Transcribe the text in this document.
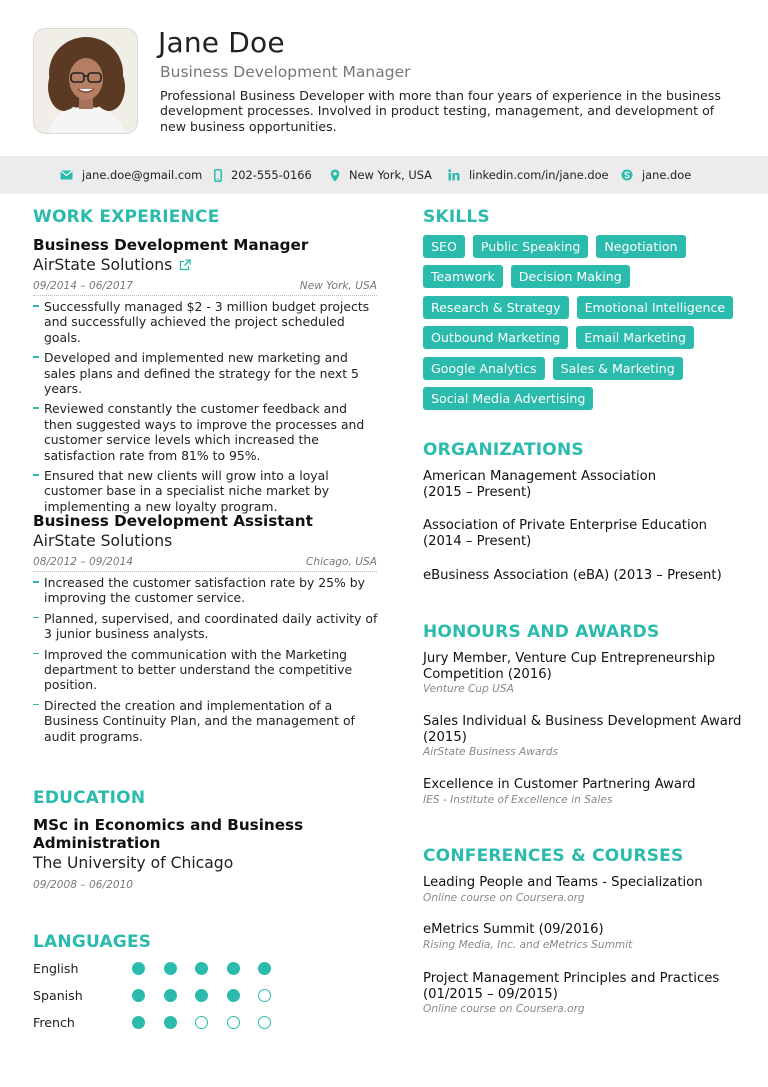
Jane Doe
Business Development Manager
Professional Business Developer with more than four years of experience in the business development processes. Involved in product testing, management, and development of new business opportunities.
jane.doe@gmail.com	202-555-0166	New York, USA	linkedin.com/in/jane.doe	jane.doe
WORK EXPERIENCE
Business Development Manager
AirState Solutions
09/2014 – 06/2017	New York, USA
Successfully managed $2 - 3 million budget projects and successfully achieved the project scheduled goals.
Developed and implemented new marketing and sales plans and defined the strategy for the next 5 years.
Reviewed constantly the customer feedback and then suggested ways to improve the processes and customer service levels which increased the satisfaction rate from 81% to 95%.
Ensured that new clients will grow into a loyal customer base in a specialist niche market by implementing a new loyalty program.
Business Development Assistant
AirState Solutions
08/2012 – 09/2014	Chicago, USA
Increased the customer satisfaction rate by 25% by improving the customer service.
Planned, supervised, and coordinated daily activity of 3 junior business analysts.
Improved the communication with the Marketing department to better understand the competitive position.
Directed the creation and implementation of a Business Continuity Plan, and the management of audit programs.
EDUCATION
MSc in Economics and Business Administration
The University of Chicago
09/2008 – 06/2010
LANGUAGES
English
Spanish
French
SKILLS
SEO	Public Speaking	Negotiation
Teamwork	Decision Making
Research & Strategy	Emotional Intelligence
Outbound Marketing	Email Marketing
Google Analytics	Sales & Marketing
Social Media Advertising
ORGANIZATIONS
American Management Association (2015 – Present)
Association of Private Enterprise Education (2014 – Present)
eBusiness Association (eBA) (2013 – Present)
HONOURS AND AWARDS
Jury Member, Venture Cup Entrepreneurship Competition (2016)
Venture Cup USA
Sales Individual & Business Development Award (2015)
AirState Business Awards
Excellence in Customer Partnering Award
IES - Institute of Excellence in Sales
CONFERENCES & COURSES
Leading People and Teams - Specialization
Online course on Coursera.org
eMetrics Summit (09/2016)
Rising Media, Inc. and eMetrics Summit
Project Management Principles and Practices (01/2015 – 09/2015)
Online course on Coursera.org
